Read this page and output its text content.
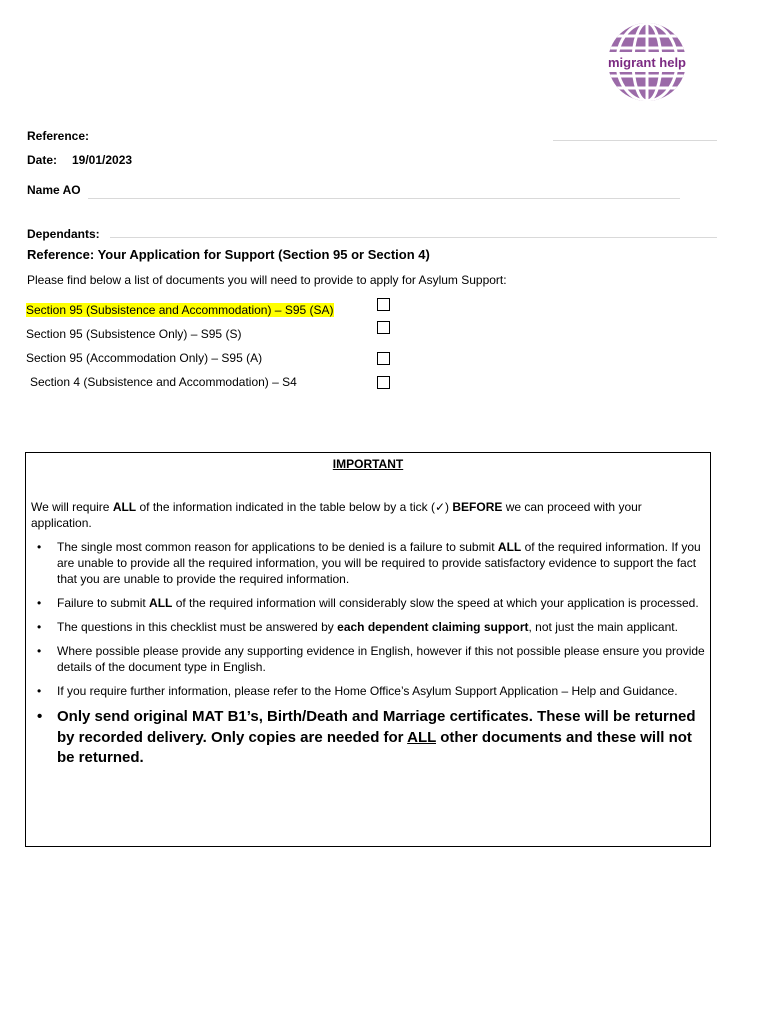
migrant help
Reference:
Date: 19/01/2023
Name AO
Dependants:
Reference: Your Application for Support (Section 95 or Section 4)
Please find below a list of documents you will need to provide to apply for Asylum Support:
Section 95 (Subsistence and Accommodation) – S95 (SA)
Section 95 (Subsistence Only) – S95 (S)
Section 95 (Accommodation Only) – S95 (A)
Section 4 (Subsistence and Accommodation) – S4
IMPORTANT
We will require ALL of the information indicated in the table below by a tick (✓) BEFORE we can proceed with your application.
• The single most common reason for applications to be denied is a failure to submit ALL of the required information. If you are unable to provide all the required information, you will be required to provide satisfactory evidence to support the fact that you are unable to provide the required information.
• Failure to submit ALL of the required information will considerably slow the speed at which your application is processed.
• The questions in this checklist must be answered by each dependent claiming support, not just the main applicant.
• Where possible please provide any supporting evidence in English, however if this not possible please ensure you provide details of the document type in English.
• If you require further information, please refer to the Home Office’s Asylum Support Application – Help and Guidance.
• Only send original MAT B1’s, Birth/Death and Marriage certificates. These will be returned by recorded delivery. Only copies are needed for ALL other documents and these will not be returned.
